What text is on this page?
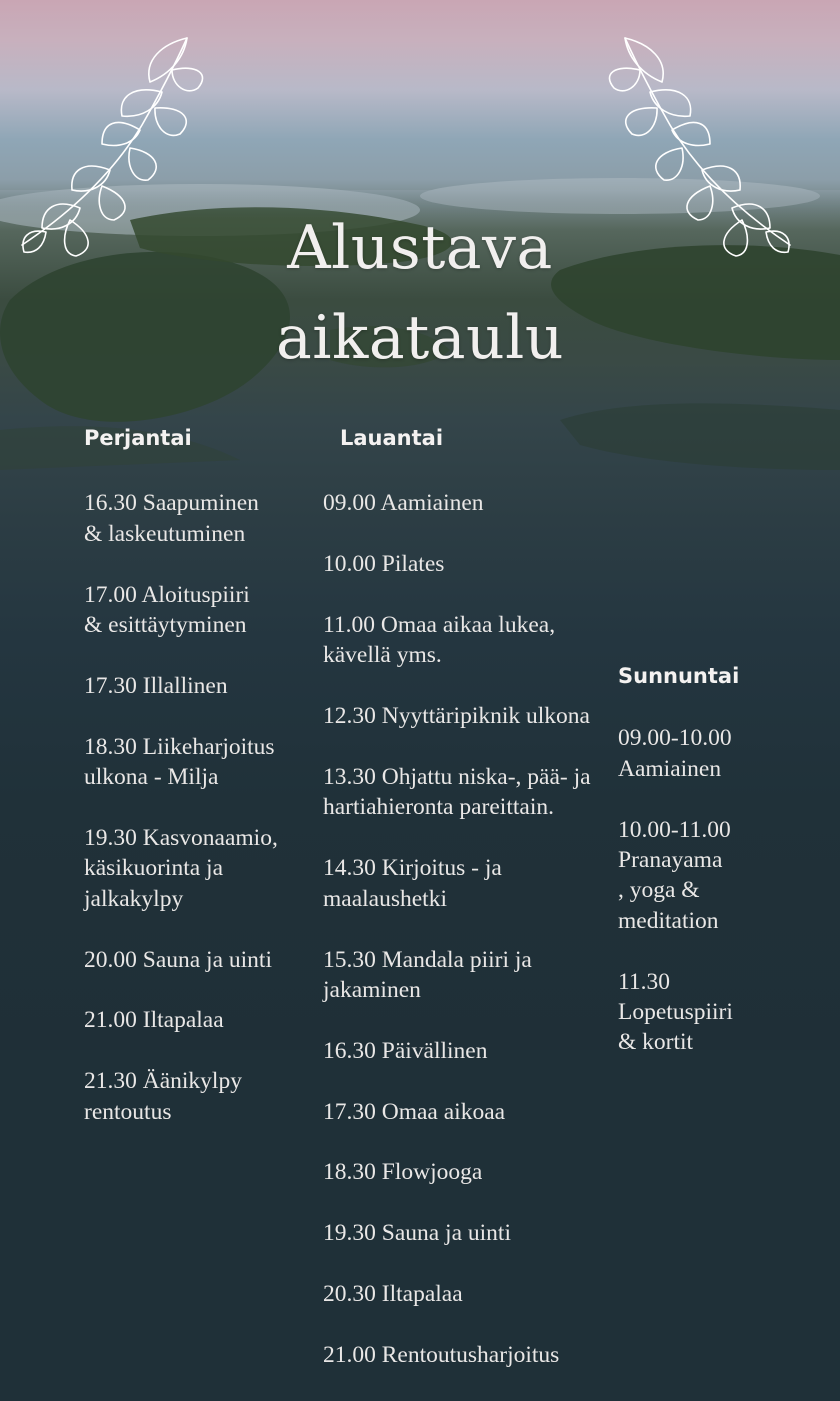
Alustava
aikataulu
Perjantai

16.30 Saapuminen
& laskeutuminen

17.00 Aloituspiiri
& esittäytyminen

17.30 Illallinen

18.30 Liikeharjoitus
ulkona - Milja

19.30 Kasvonaamio,
käsikuorinta ja
jalkakylpy

20.00 Sauna ja uinti

21.00 Iltapalaa

21.30 Äänikylpy
rentoutus

Lauantai

09.00 Aamiainen

10.00 Pilates

11.00 Omaa aikaa lukea,
kävellä yms.

12.30 Nyyttäripiknik ulkona

13.30 Ohjattu niska-, pää- ja
hartiahieronta pareittain.

14.30 Kirjoitus - ja
maalaushetki

15.30 Mandala piiri ja
jakaminen

16.30 Päivällinen

17.30 Omaa aikoaa

18.30 Flowjooga

19.30 Sauna ja uinti

20.30 Iltapalaa

21.00 Rentoutusharjoitus

Sunnuntai

09.00-10.00
Aamiainen

10.00-11.00
Pranayama
, yoga &
meditation

11.30
Lopetuspiiri
& kortit
